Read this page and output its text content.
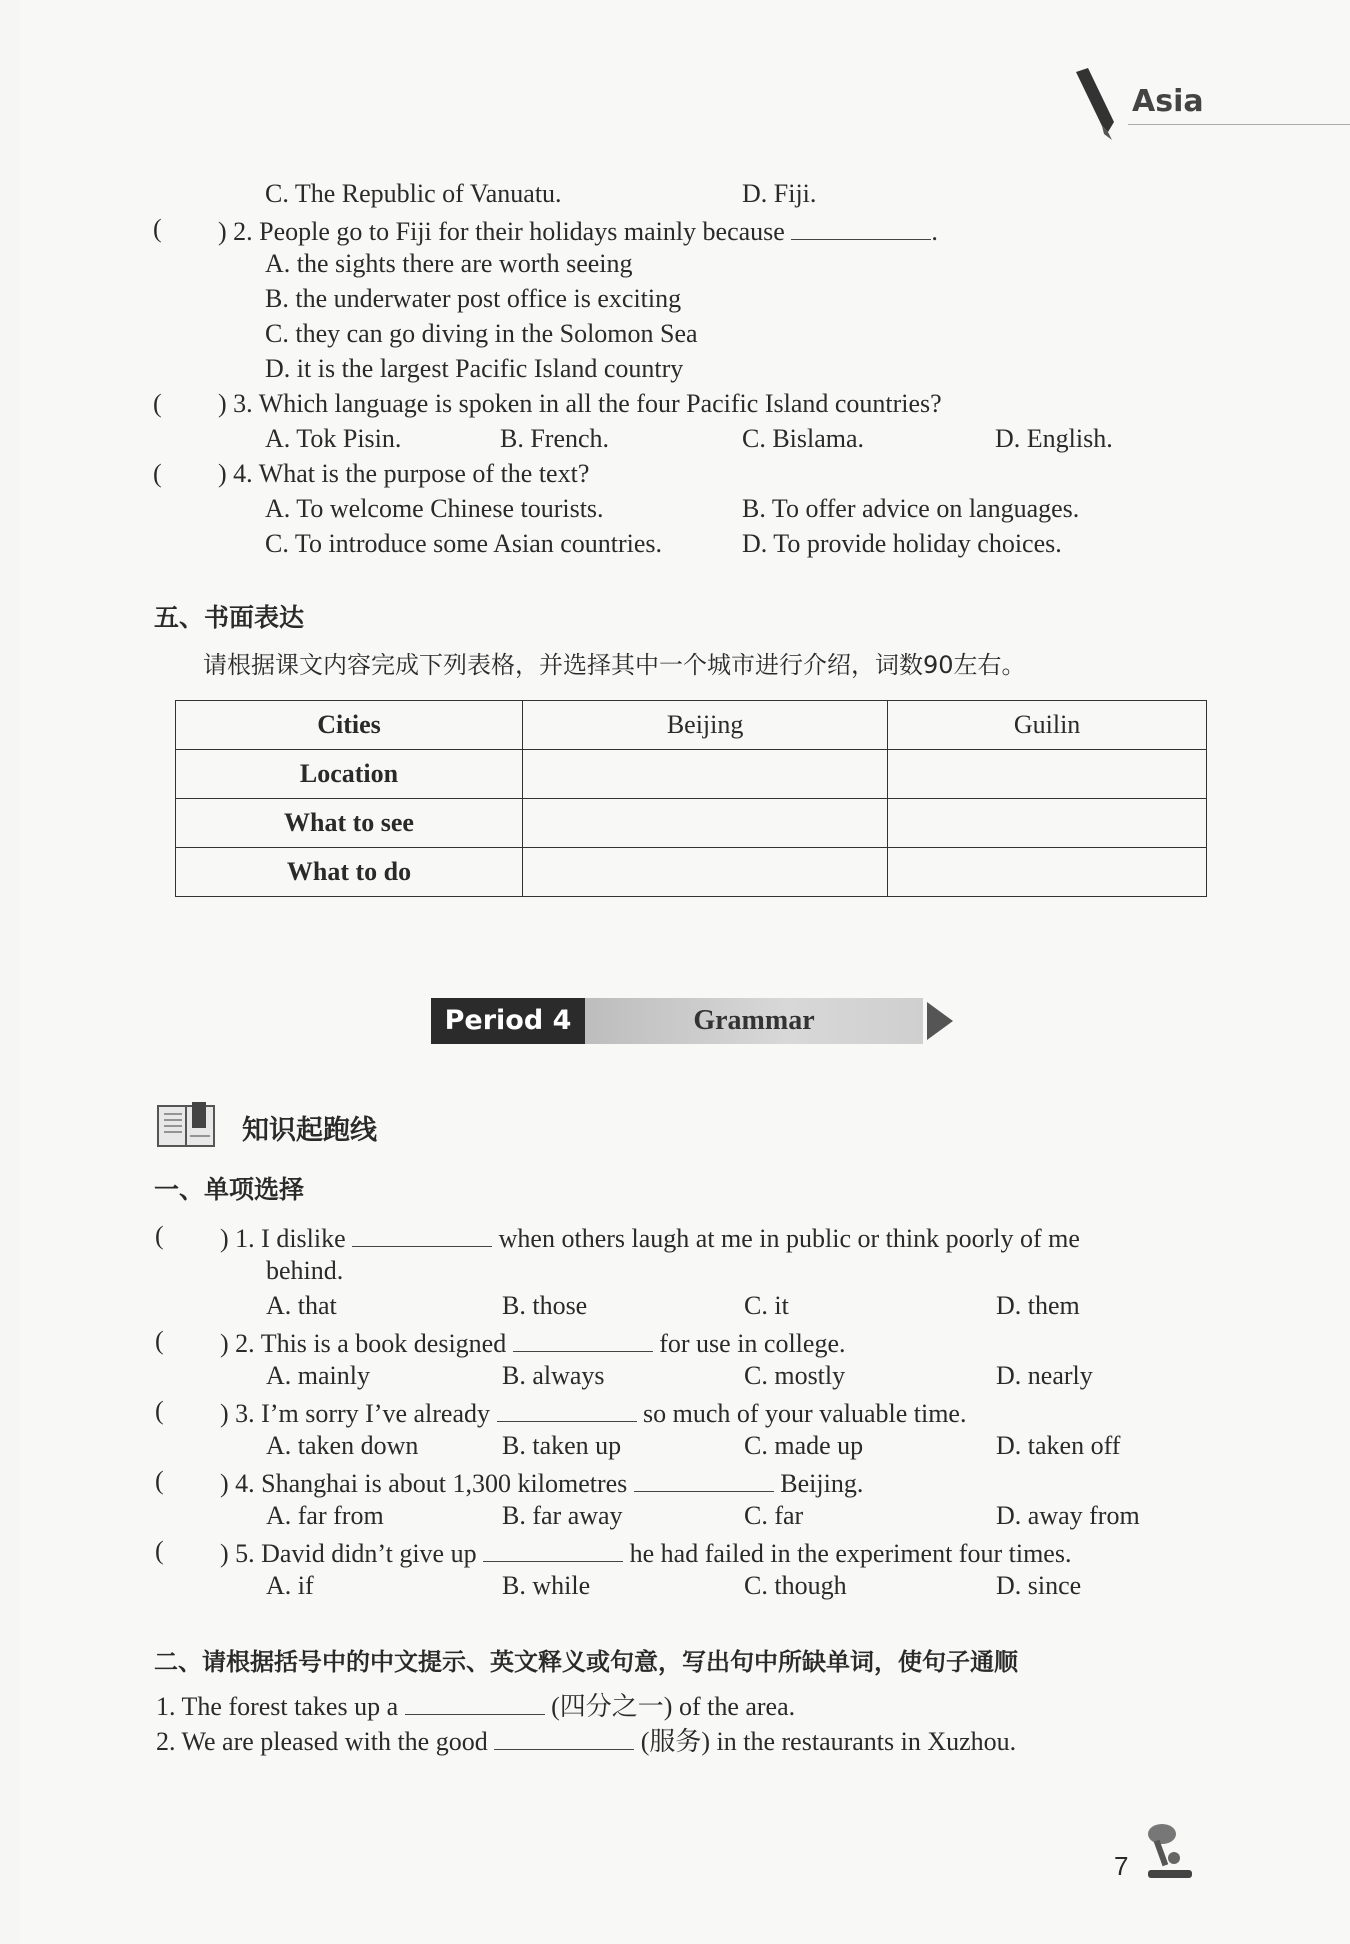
Asia
C. The Republic of Vanuatu.	D. Fiji.
( ) 2. People go to Fiji for their holidays mainly because	.
A. the sights there are worth seeing
B. the underwater post office is exciting
C. they can go diving in the Solomon Sea
D. it is the largest Pacific Island country
( ) 3. Which language is spoken in all the four Pacific Island countries?
A. Tok Pisin.	B. French.	C. Bislama.	D. English.
( ) 4. What is the purpose of the text?
A. To welcome Chinese tourists.	B. To offer advice on languages.
C. To introduce some Asian countries.	D. To provide holiday choices.
五、书面表达
请根据课文内容完成下列表格，并选择其中一个城市进行介绍，词数90左右。
Cities	Beijing	Guilin
Location		
What to see		
What to do		
Period 4	Grammar
知识起跑线
一、单项选择
( ) 1. I dislike	when others laugh at me in public or think poorly of me
behind.
A. that	B. those	C. it	D. them
( ) 2. This is a book designed	for use in college.
A. mainly	B. always	C. mostly	D. nearly
( ) 3. I’m sorry I’ve already	so much of your valuable time.
A. taken down	B. taken up	C. made up	D. taken off
( ) 4. Shanghai is about 1,300 kilometres	Beijing.
A. far from	B. far away	C. far	D. away from
( ) 5. David didn’t give up	he had failed in the experiment four times.
A. if	B. while	C. though	D. since
二、请根据括号中的中文提示、英文释义或句意，写出句中所缺单词，使句子通顺
1. The forest takes up a	(四分之一) of the area.
2. We are pleased with the good	(服务) in the restaurants in Xuzhou.
7
